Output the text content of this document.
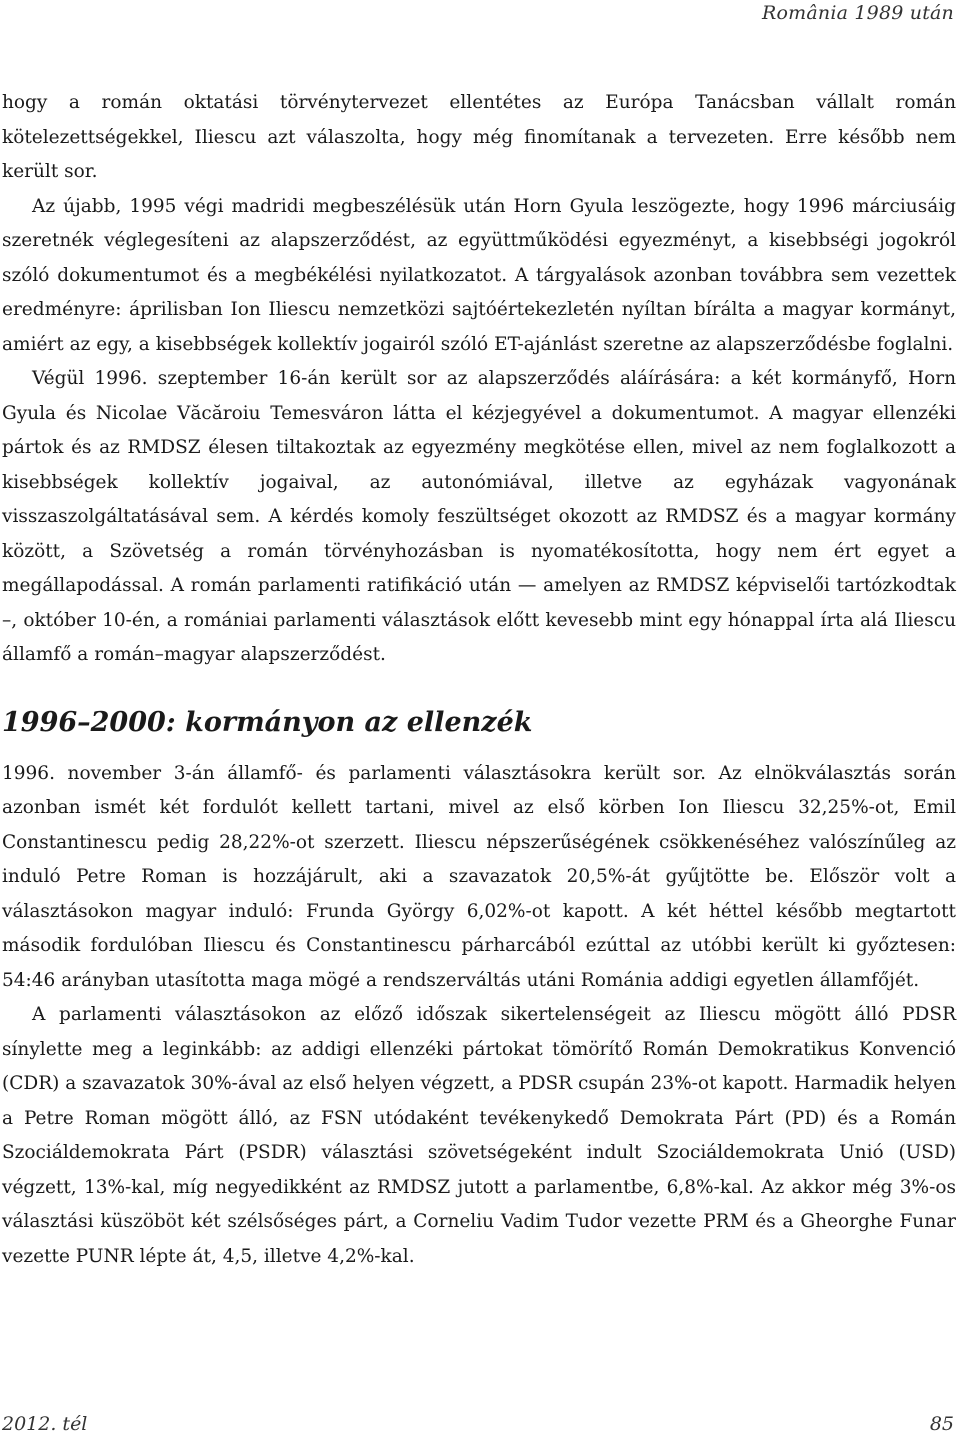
România 1989 után

hogy a román oktatási törvénytervezet ellentétes az Európa Tanácsban vállalt román kötelezettségekkel, Iliescu azt válaszolta, hogy még finomítanak a tervezeten. Erre később nem került sor.

Az újabb, 1995 végi madridi megbeszélésük után Horn Gyula leszögezte, hogy 1996 márciusáig szeretnék véglegesíteni az alapszerződést, az együttműködési egyezményt, a kisebbségi jogokról szóló dokumentumot és a megbékélési nyilatkozatot. A tárgyalások azonban továbbra sem vezettek eredményre: áprilisban Ion Iliescu nemzetközi sajtóértekezletén nyíltan bírálta a magyar kormányt, amiért az egy, a kisebbségek kollektív jogairól szóló ET-ajánlást szeretne az alapszerződésbe foglalni.

Végül 1996. szeptember 16-án került sor az alapszerződés aláírására: a két kormányfő, Horn Gyula és Nicolae Văcăroiu Temesváron látta el kézjegyével a dokumentumot. A magyar ellenzéki pártok és az RMDSZ élesen tiltakoztak az egyezmény megkötése ellen, mivel az nem foglalkozott a kisebbségek kollektív jogaival, az autonómiával, illetve az egyházak vagyonának visszaszolgáltatásával sem. A kérdés komoly feszültséget okozott az RMDSZ és a magyar kormány között, a Szövetség a román törvényhozásban is nyomatékosította, hogy nem ért egyet a megállapodással. A román parlamenti ratifikáció után — amelyen az RMDSZ képviselői tartózkodtak –, október 10-én, a romániai parlamenti választások előtt kevesebb mint egy hónappal írta alá Iliescu államfő a román–magyar alapszerződést.

1996–2000: kormányon az ellenzék

1996. november 3-án államfő- és parlamenti választásokra került sor. Az elnökválasztás során azonban ismét két fordulót kellett tartani, mivel az első körben Ion Iliescu 32,25%-ot, Emil Constantinescu pedig 28,22%-ot szerzett. Iliescu népszerűségének csökkenéséhez valószínűleg az induló Petre Roman is hozzájárult, aki a szavazatok 20,5%-át gyűjtötte be. Először volt a választásokon magyar induló: Frunda György 6,02%-ot kapott. A két héttel később megtartott második fordulóban Iliescu és Constantinescu párharcából ezúttal az utóbbi került ki győztesen: 54:46 arányban utasította maga mögé a rendszerváltás utáni Románia addigi egyetlen államfőjét.

A parlamenti választásokon az előző időszak sikertelenségeit az Iliescu mögött álló PDSR sínylette meg a leginkább: az addigi ellenzéki pártokat tömörítő Román Demokratikus Konvenció (CDR) a szavazatok 30%-ával az első helyen végzett, a PDSR csupán 23%-ot kapott. Harmadik helyen a Petre Roman mögött álló, az FSN utódaként tevékenykedő Demokrata Párt (PD) és a Román Szociáldemokrata Párt (PSDR) választási szövetségeként indult Szociáldemokrata Unió (USD) végzett, 13%-kal, míg negyedikként az RMDSZ jutott a parlamentbe, 6,8%-kal. Az akkor még 3%-os választási küszöböt két szélsőséges párt, a Corneliu Vadim Tudor vezette PRM és a Gheorghe Funar vezette PUNR lépte át, 4,5, illetve 4,2%-kal.

2012. tél	85
